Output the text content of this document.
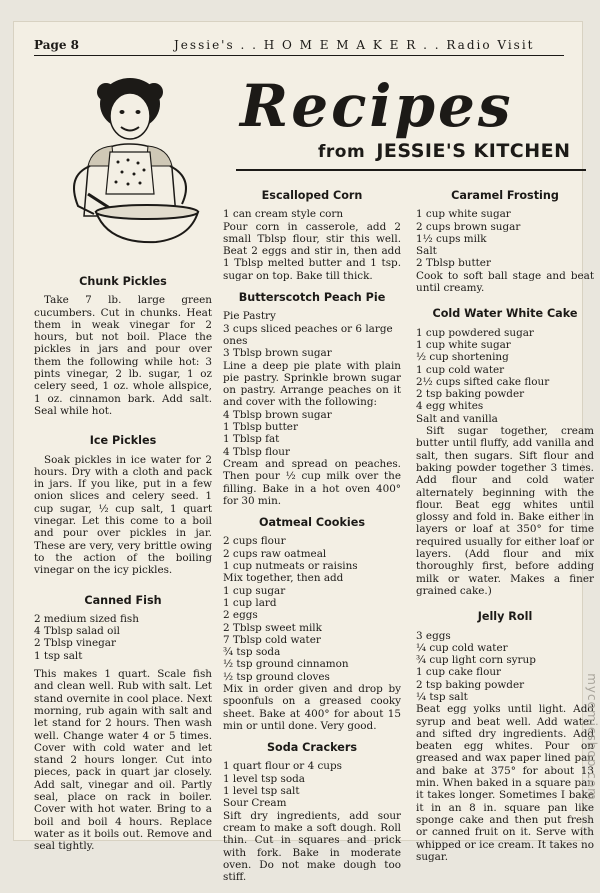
Page 8	Jessie's . . H O M E M A K E R . . Radio Visit
Recipes
from JESSIE'S KITCHEN
Chunk Pickles

Take 7 lb. large green cucumbers. Cut in chunks. Heat them in weak vinegar for 2 hours, but not boil. Place the pickles in jars and pour over them the following while hot: 3 pints vinegar, 2 lb. sugar, 1 oz celery seed, 1 oz. whole allspice, 1 oz. cinnamon bark. Add salt. Seal while hot.

Ice Pickles

Soak pickles in ice water for 2 hours. Dry with a cloth and pack in jars. If you like, put in a few onion slices and celery seed. 1 cup sugar, ½ cup salt, 1 quart vinegar. Let this come to a boil and pour over pickles in jar. These are very, very brittle owing to the action of the boiling vinegar on the icy pickles.

Canned Fish
2 medium sized fish
4 Tblsp salad oil
2 Tblsp vinegar
1 tsp salt

This makes 1 quart. Scale fish and clean well. Rub with salt. Let stand overnite in cool place. Next morning, rub again with salt and let stand for 2 hours. Then wash well. Change water 4 or 5 times. Cover with cold water and let stand 2 hours longer. Cut into pieces, pack in quart jar closely. Add salt, vinegar and oil. Partly seal, place on rack in boiler. Cover with hot water. Bring to a boil and boil 4 hours. Replace water as it boils out. Remove and seal tightly.

Escalloped Corn
1 can cream style corn

Pour corn in casserole, add 2 small Tblsp flour, stir this well. Beat 2 eggs and stir in, then add 1 Tblsp melted butter and 1 tsp. sugar on top. Bake till thick.

Butterscotch Peach Pie
Pie Pastry
3 cups sliced peaches or 6 large ones
3 Tblsp brown sugar

Line a deep pie plate with plain pie pastry. Sprinkle brown sugar on pastry. Arrange peaches on it and cover with the following:

4 Tblsp brown sugar
1 Tblsp butter
1 Tblsp fat
4 Tblsp flour

Cream and spread on peaches. Then pour ½ cup milk over the filling. Bake in a hot oven 400° for 30 min.

Oatmeal Cookies
2 cups flour
2 cups raw oatmeal
1 cup nutmeats or raisins
Mix together, then add
1 cup sugar
1 cup lard
2 eggs
2 Tblsp sweet milk
7 Tblsp cold water
¾ tsp soda
½ tsp ground cinnamon
½ tsp ground cloves

Mix in order given and drop by spoonfuls on a greased cooky sheet. Bake at 400° for about 15 min or until done. Very good.

Soda Crackers
1 quart flour or 4 cups
1 level tsp soda
1 level tsp salt
Sour Cream

Sift dry ingredients, add sour cream to make a soft dough. Roll thin. Cut in squares and prick with fork. Bake in moderate oven. Do not make dough too stiff.

Caramel Frosting
1 cup white sugar
2 cups brown sugar
1½ cups milk
Salt
2 Tblsp butter

Cook to soft ball stage and beat until creamy.

Cold Water White Cake
1 cup powdered sugar
1 cup white sugar
½ cup shortening
1 cup cold water
2½ cups sifted cake flour
2 tsp baking powder
4 egg whites
Salt and vanilla

Sift sugar together, cream butter until fluffy, add vanilla and salt, then sugars. Sift flour and baking powder together 3 times. Add flour and cold water alternately beginning with the flour. Beat egg whites until glossy and fold in. Bake either in layers or loaf at 350° for time required usually for either loaf or layers. (Add flour and mix thoroughly first, before adding milk or water. Makes a finer grained cake.)

Jelly Roll
3 eggs
¼ cup cold water
¾ cup light corn syrup
1 cup cake flour
2 tsp baking powder
¼ tsp salt

Beat egg yolks until light. Add syrup and beat well. Add water and sifted dry ingredients. Add beaten egg whites. Pour on greased and wax paper lined pan and bake at 375° for about 13 min. When baked in a square pan it takes longer. Sometimes I bake it in an 8 in. square pan like sponge cake and then put fresh or canned fruit on it. Serve with whipped or ice cream. It takes no sugar.

mycomicshop.com
